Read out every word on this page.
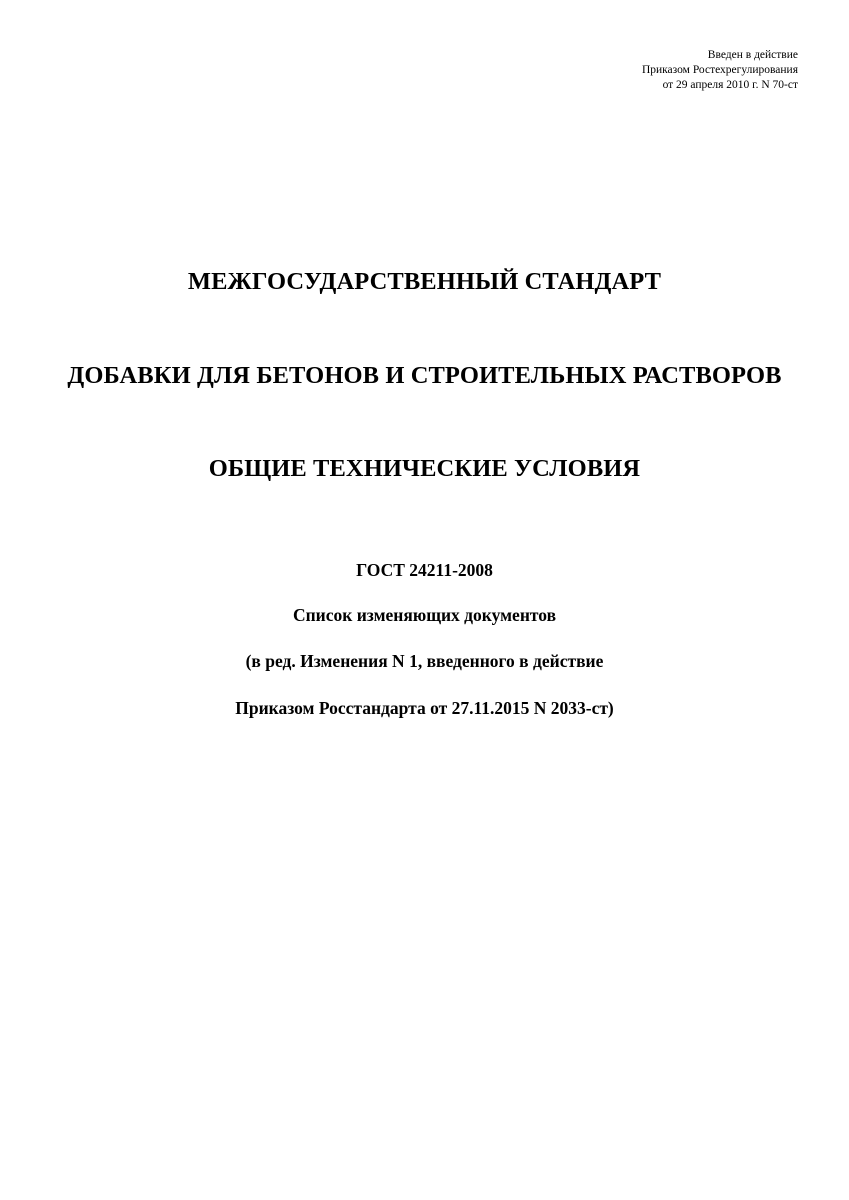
Введен в действие
Приказом Ростехрегулирования
от 29 апреля 2010 г. N 70-ст
МЕЖГОСУДАРСТВЕННЫЙ СТАНДАРТ
ДОБАВКИ ДЛЯ БЕТОНОВ И СТРОИТЕЛЬНЫХ РАСТВОРОВ
ОБЩИЕ ТЕХНИЧЕСКИЕ УСЛОВИЯ
ГОСТ 24211-2008
Список изменяющих документов
(в ред. Изменения N 1, введенного в действие
Приказом Росстандарта от 27.11.2015 N 2033-ст)
